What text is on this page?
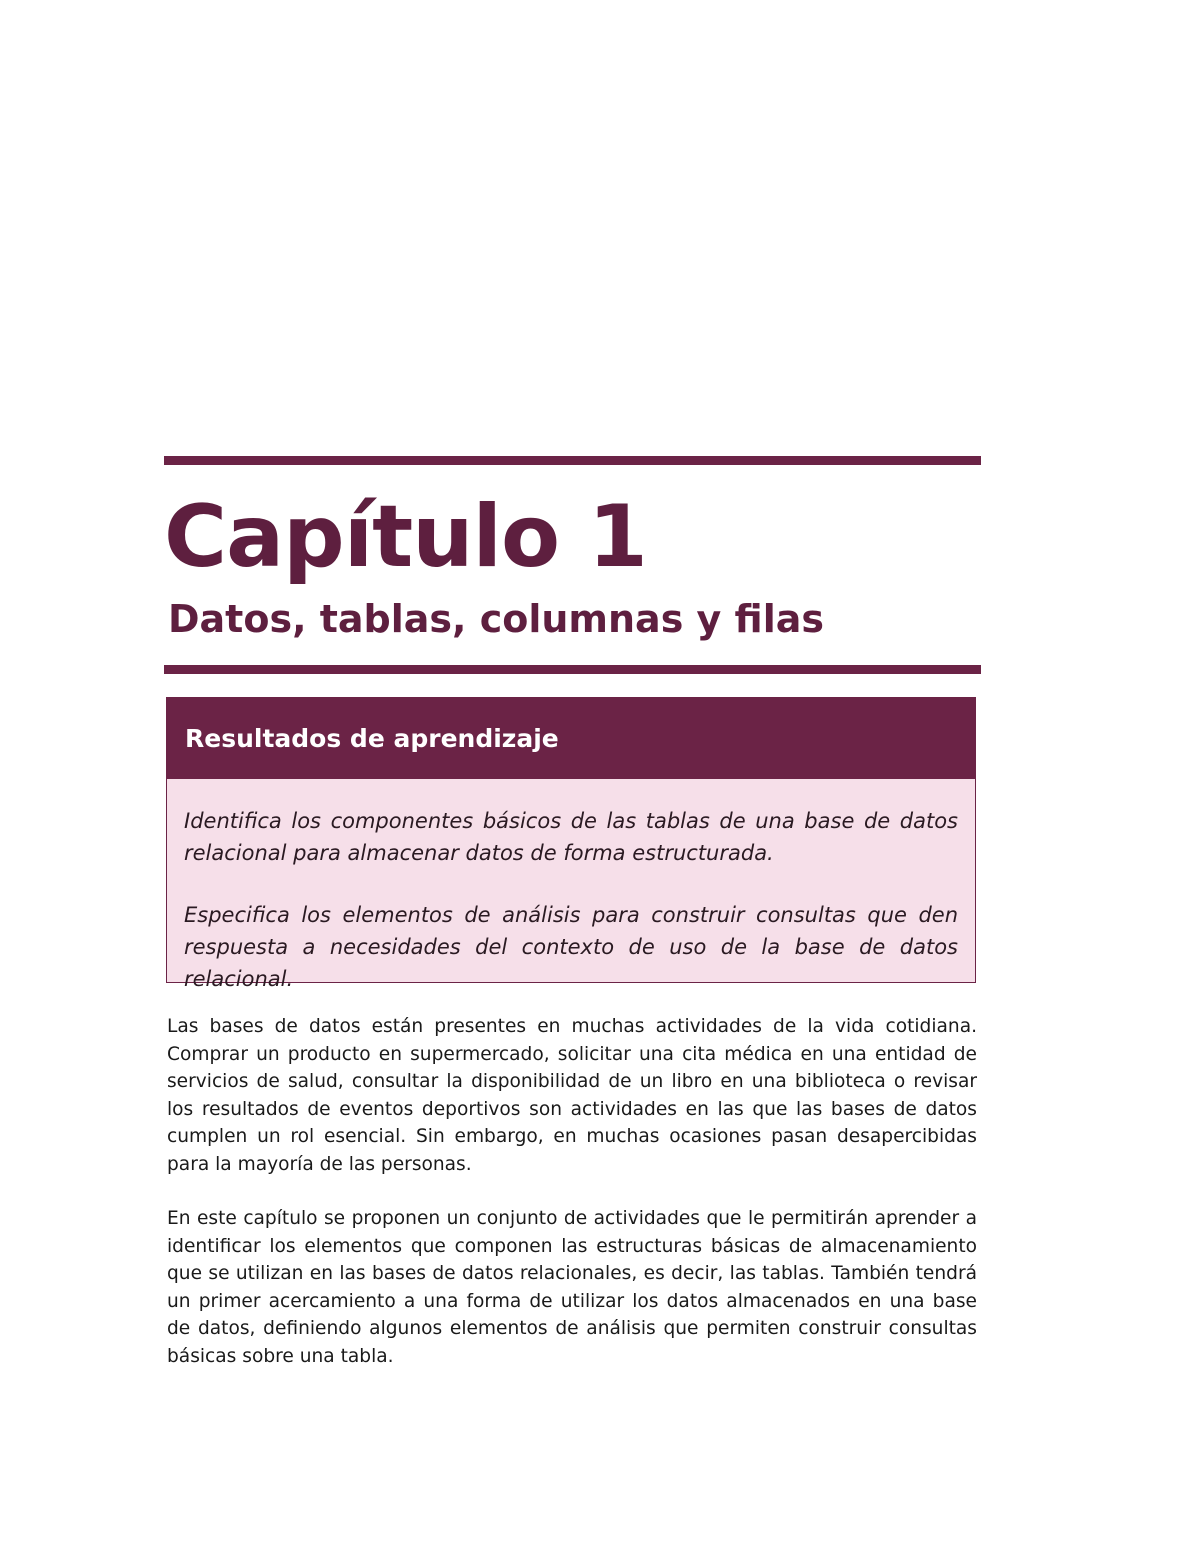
Capítulo 1
Datos, tablas, columnas y filas
Resultados de aprendizaje

Identifica los componentes básicos de las tablas de una base de datos relacional para almacenar datos de forma estructurada.

Especifica los elementos de análisis para construir consultas que den respuesta a necesidades del contexto de uso de la base de datos relacional.

Las bases de datos están presentes en muchas actividades de la vida cotidiana. Comprar un producto en supermercado, solicitar una cita médica en una entidad de servicios de salud, consultar la disponibilidad de un libro en una biblioteca o revisar los resultados de eventos deportivos son actividades en las que las bases de datos cumplen un rol esencial. Sin embargo, en muchas ocasiones pasan desapercibidas para la mayoría de las personas.

En este capítulo se proponen un conjunto de actividades que le permitirán aprender a identificar los elementos que componen las estructuras básicas de almacenamiento que se utilizan en las bases de datos relacionales, es decir, las tablas. También tendrá un primer acercamiento a una forma de utilizar los datos almacenados en una base de datos, definiendo algunos elementos de análisis que permiten construir consultas básicas sobre una tabla.
